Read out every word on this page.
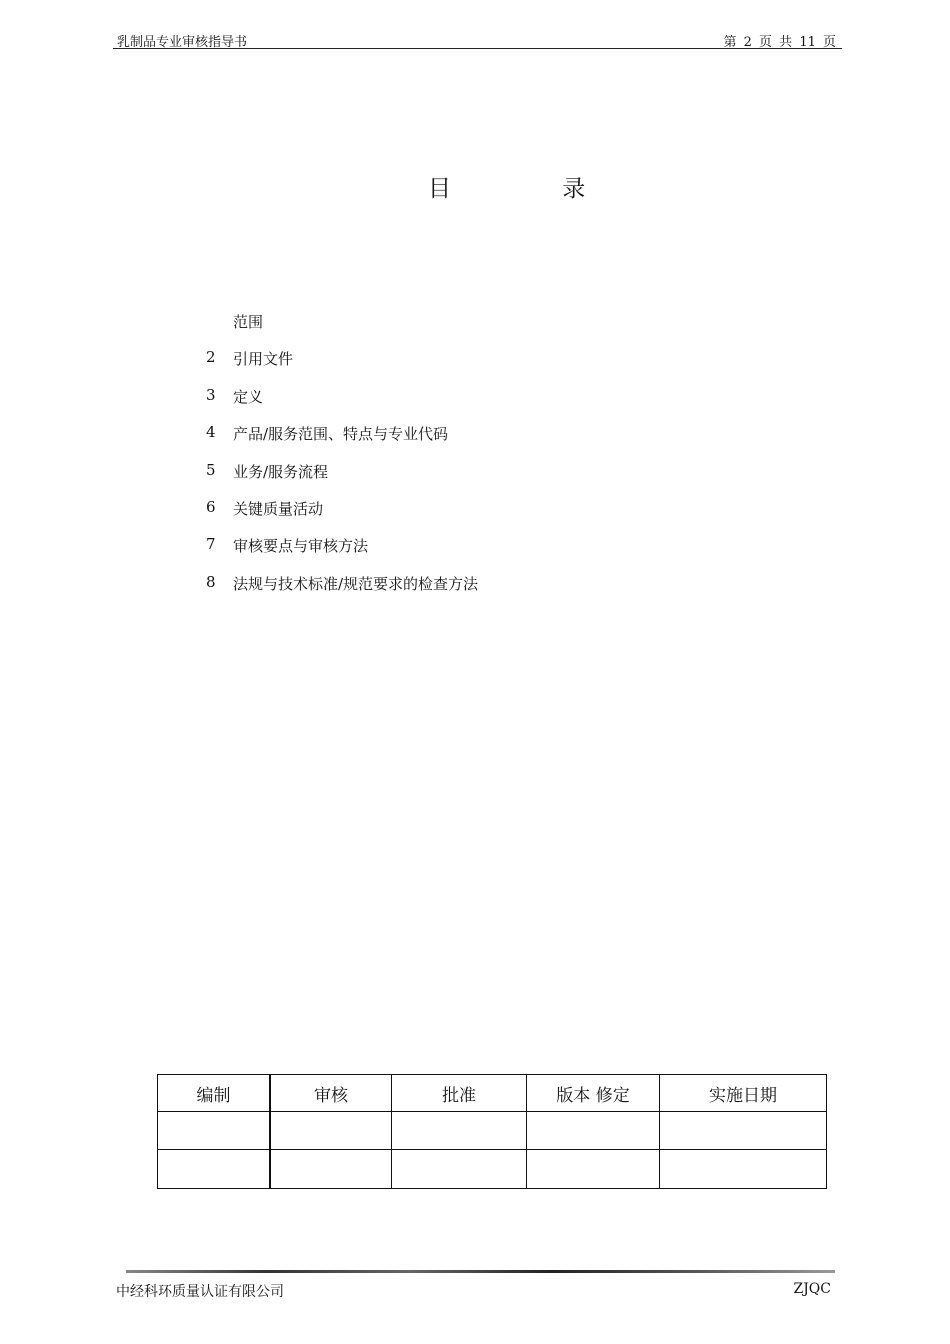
乳制品专业审核指导书	第 2 页 共 11 页
目 录
范围
2	引用文件
3	定义
4	产品/服务范围、特点与专业代码
5	业务/服务流程
6	关键质量活动
7	审核要点与审核方法
8	法规与技术标准/规范要求的检查方法
编制	审核	批准	版本 修定	实施日期

中经科环质量认证有限公司	ZJQC
